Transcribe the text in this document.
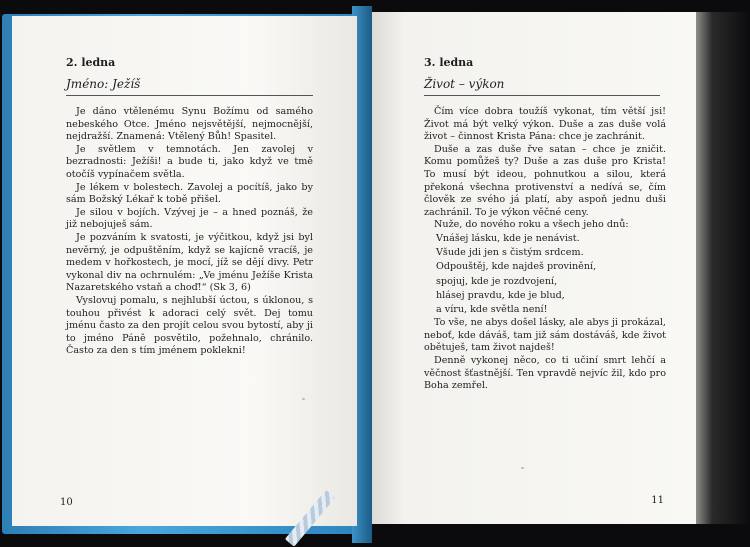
2. ledna
Jméno: Ježíš

Je dáno vtělenému Synu Božímu od samého nebeského Otce. Jméno nejsvětější, nejmocnější, nejdražší. Znamená: Vtělený Bůh! Spasitel.

Je světlem v temnotách. Jen zavolej v bezradnosti: Ježíši! a bude ti, jako když ve tmě otočíš vypínačem světla.

Je lékem v bolestech. Zavolej a pocítíš, jako by sám Božský Lékař k tobě přišel.

Je silou v bojích. Vzývej je – a hned poznáš, že již nebojuješ sám.

Je pozváním k svatosti, je výčitkou, když jsi byl nevěrný, je odpuštěním, když se kajícně vracíš, je medem v hořkostech, je mocí, jíž se dějí divy. Petr vykonal div na ochrnulém: „Ve jménu Ježíše Krista Nazaretského vstaň a choď!“ (Sk 3, 6)

Vyslovuj pomalu, s nejhlubší úctou, s úklonou, s touhou přivést k adoraci celý svět. Dej tomu jménu často za den projít celou svou bytostí, aby ji to jméno Páně posvětilo, požehnalo, chránilo. Často za den s tím jménem poklekni!

10
3. ledna
Život – výkon

Čím více dobra toužíš vykonat, tím větší jsi! Život má být velký výkon. Duše a zas duše volá život – činnost Krista Pána: chce je zachránit.

Duše a zas duše řve satan – chce je zničit. Komu pomůžeš ty? Duše a zas duše pro Krista! To musí být ideou, pohnutkou a silou, která překoná všechna protivenství a nedívá se, čím člověk ze svého já platí, aby aspoň jednu duši zachránil. To je výkon věčné ceny.

Nuže, do nového roku a všech jeho dnů:

Vnášej lásku, kde je nenávist.
Všude jdi jen s čistým srdcem.
Odpouštěj, kde najdeš provinění,
spojuj, kde je rozdvojení,
hlásej pravdu, kde je blud,
a víru, kde světla není!

To vše, ne abys došel lásky, ale abys ji prokázal, neboť, kde dáváš, tam již sám dostáváš, kde život obětuješ, tam život najdeš!

Denně vykonej něco, co ti učiní smrt lehčí a věčnost šťastnější. Ten vpravdě nejvíc žil, kdo pro Boha zemřel.

11
